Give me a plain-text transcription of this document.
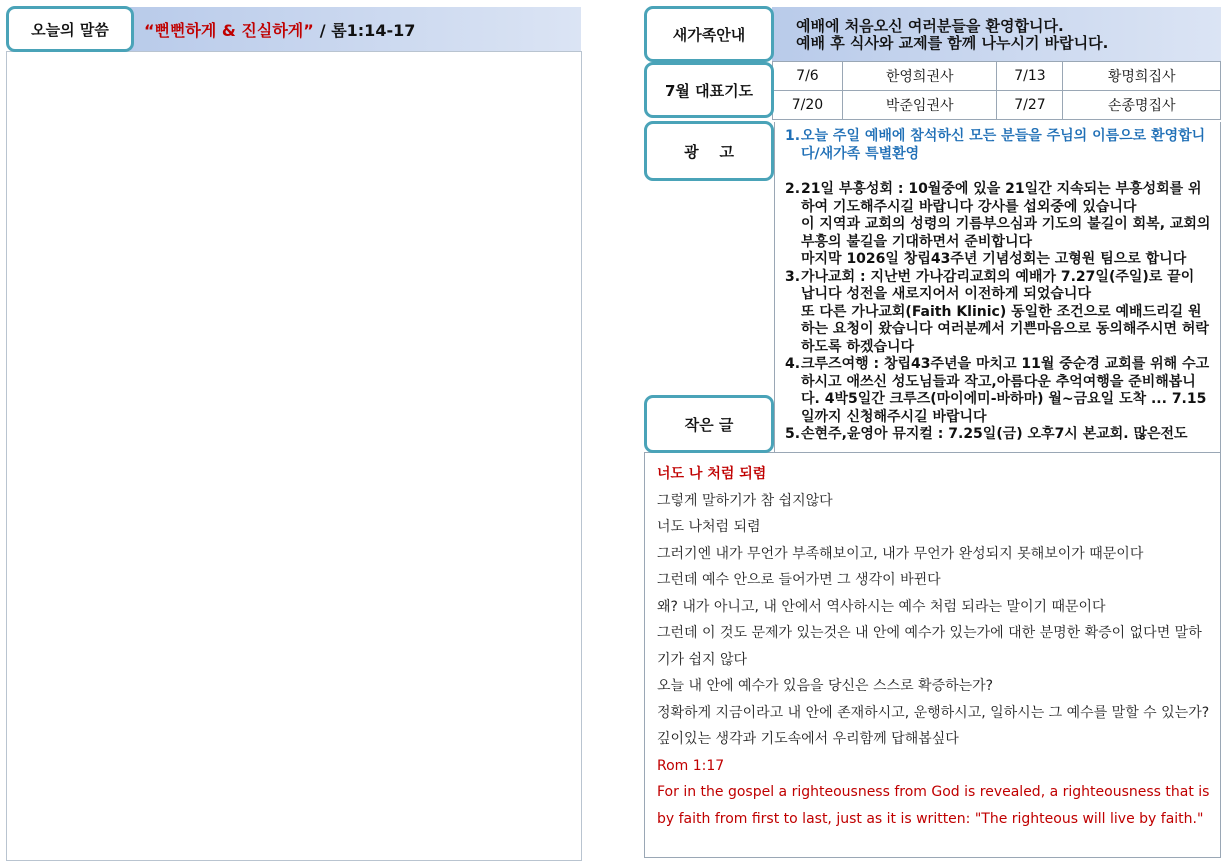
오늘의 말씀 “뻔뻔하게 & 진실하게” / 롬1:14-17	새가족안내	예배에 처음오신 여러분들을 환영합니다.
예배 후 식사와 교제를 함께 나누시기 바랍니다.
7월 대표기도
7/6	한영희권사	7/13	황명희집사
7/20	박준임권사	7/27	손종명집사
광    고
1. 오늘 주일 예배에 참석하신 모든 분들을 주님의 이름으로 환영합니다/새가족 특별환영
2. 21일 부흥성회 : 10월중에 있을 21일간 지속되는 부흥성회를 위하여 기도해주시길 바랍니다 강사를 섭외중에 있습니다
이 지역과 교회의 성령의 기름부으심과 기도의 불길이 회복, 교회의 부흥의 불길을 기대하면서 준비합니다
마지막 1026일 창립43주년 기념성회는 고형원 팀으로 합니다
3. 가나교회 : 지난번 가나감리교회의 예배가 7.27일(주일)로 끝이 납니다 성전을 새로지어서 이전하게 되었습니다
또 다른 가나교회(Faith Klinic) 동일한 조건으로 예배드리길 원하는 요청이 왔습니다 여러분께서 기쁜마음으로 동의해주시면 허락하도록 하겠습니다
4. 크루즈여행 : 창립43주년을 마치고 11월 중순경 교회를 위해 수고하시고 애쓰신 성도님들과 작고,아름다운 추억여행을 준비해봅니다. 4박5일간 크루즈(마이에미-바하마) 월~금요일 도착 ... 7.15일까지 신청해주시길 바랍니다
5. 손현주,윤영아 뮤지컬 : 7.25일(금) 오후7시 본교회. 많은전도
작은 글
너도 나 처럼 되렴
그렇게 말하기가 참 쉽지않다
너도 나처럼 되렴
그러기엔 내가 무언가 부족해보이고, 내가 무언가 완성되지 못해보이가 때문이다
그런데 예수 안으로 들어가면 그 생각이 바뀐다
왜? 내가 아니고, 내 안에서 역사하시는 예수 처럼 되라는 말이기 때문이다
그런데 이 것도 문제가 있는것은 내 안에 예수가 있는가에 대한 분명한 확증이 없다면 말하기가 쉽지 않다
오늘 내 안에 예수가 있음을 당신은 스스로 확증하는가?
정확하게 지금이라고 내 안에 존재하시고, 운행하시고, 일하시는 그 예수를 말할 수 있는가?
깊이있는 생각과 기도속에서 우리함께 답해봅싶다
Rom 1:17
For in the gospel a righteousness from God is revealed, a righteousness that is by faith from first to last, just as it is written: "The righteous will live by faith."
